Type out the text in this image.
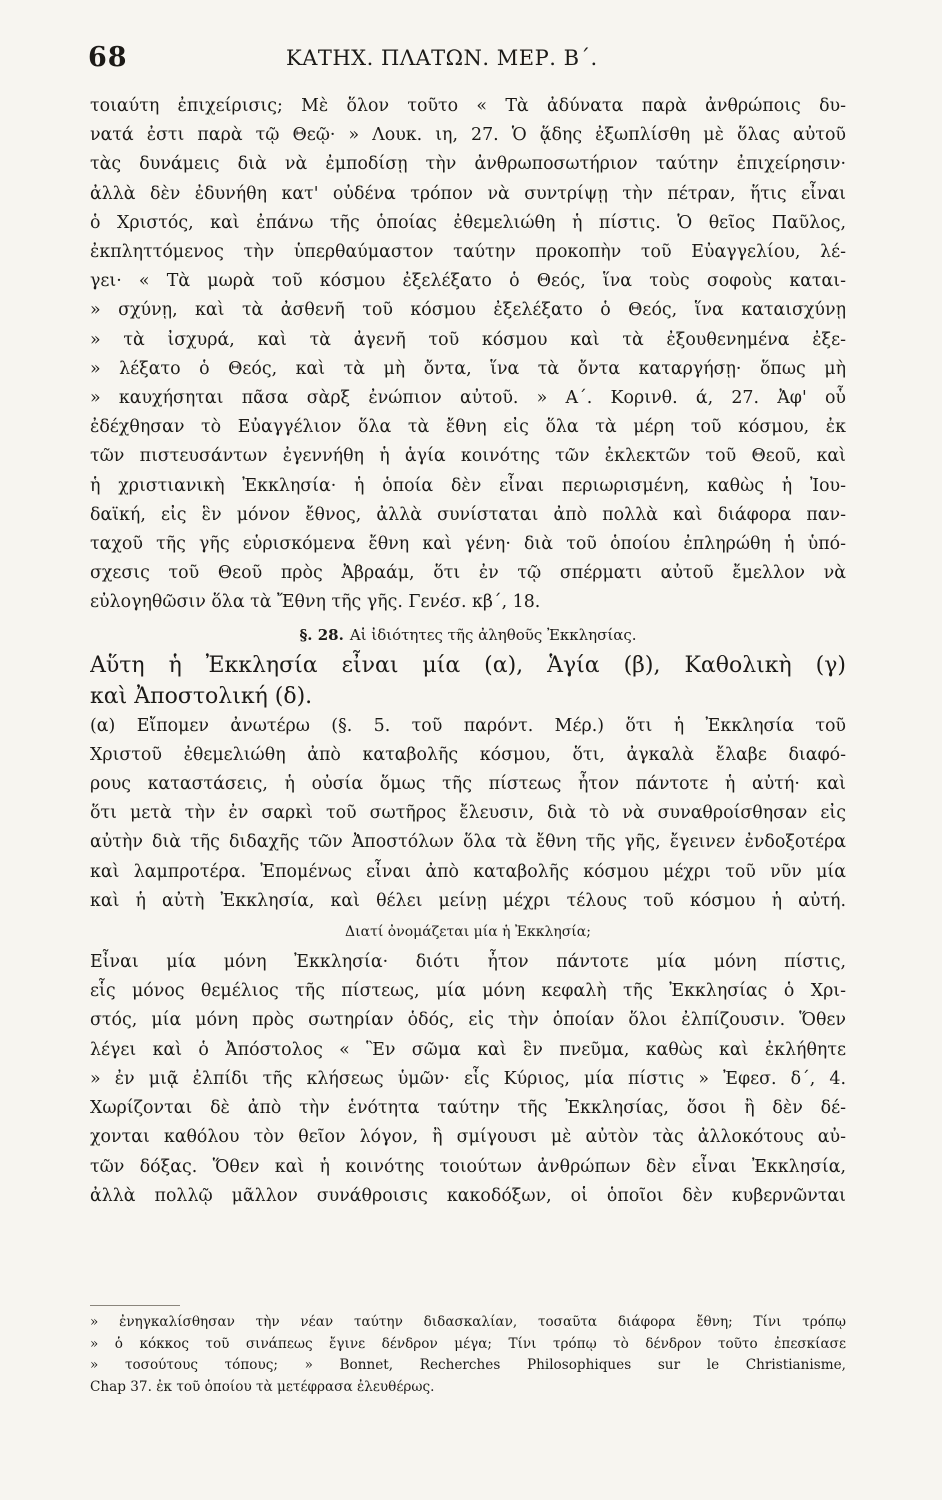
68	ΚΑΤΗΧ. ΠΛΑΤΩΝ. ΜΕΡ. Β΄.

τοιαύτη ἐπιχείρισις; Μὲ ὅλον τοῦτο « Τὰ ἀδύνατα παρὰ ἀνθρώποις δυ-
νατά ἐστι παρὰ τῷ Θεῷ· » Λουκ. ιη, 27. Ὁ ᾅδης ἐξωπλίσθη μὲ ὅλας αὐτοῦ
τὰς δυνάμεις διὰ νὰ ἐμποδίσῃ τὴν ἀνθρωποσωτήριον ταύτην ἐπιχείρησιν·
ἀλλὰ δὲν ἐδυνήθη κατ' οὐδένα τρόπον νὰ συντρίψῃ τὴν πέτραν, ἥτις εἶναι
ὁ Χριστός, καὶ ἐπάνω τῆς ὁποίας ἐθεμελιώθη ἡ πίστις. Ὁ θεῖος Παῦλος,
ἐκπληττόμενος τὴν ὑπερθαύμαστον ταύτην προκοπὴν τοῦ Εὐαγγελίου, λέ-
γει· « Τὰ μωρὰ τοῦ κόσμου ἐξελέξατο ὁ Θεός, ἵνα τοὺς σοφοὺς καται-
» σχύνῃ, καὶ τὰ ἀσθενῆ τοῦ κόσμου ἐξελέξατο ὁ Θεός, ἵνα καταισχύνῃ
» τὰ ἰσχυρά, καὶ τὰ ἀγενῆ τοῦ κόσμου καὶ τὰ ἐξουθενημένα ἐξε-
» λέξατο ὁ Θεός, καὶ τὰ μὴ ὄντα, ἵνα τὰ ὄντα καταργήσῃ· ὅπως μὴ
» καυχήσηται πᾶσα σὰρξ ἐνώπιον αὐτοῦ. » Α΄. Κορινθ. ά, 27. Ἀφ' οὗ
ἐδέχθησαν τὸ Εὐαγγέλιον ὅλα τὰ ἔθνη εἰς ὅλα τὰ μέρη τοῦ κόσμου, ἐκ
τῶν πιστευσάντων ἐγεννήθη ἡ ἁγία κοινότης τῶν ἐκλεκτῶν τοῦ Θεοῦ, καὶ
ἡ χριστιανικὴ Ἐκκλησία· ἡ ὁποία δὲν εἶναι περιωρισμένη, καθὼς ἡ Ἰου-
δαϊκή, εἰς ἓν μόνον ἔθνος, ἀλλὰ συνίσταται ἀπὸ πολλὰ καὶ διάφορα παν-
ταχοῦ τῆς γῆς εὑρισκόμενα ἔθνη καὶ γένη· διὰ τοῦ ὁποίου ἐπληρώθη ἡ ὑπό-
σχεσις τοῦ Θεοῦ πρὸς Ἀβραάμ, ὅτι ἐν τῷ σπέρματι αὐτοῦ ἔμελλον νὰ
εὐλογηθῶσιν ὅλα τὰ Ἔθνη τῆς γῆς. Γενέσ. κβ΄, 18.

§. 28. Αἱ ἰδιότητες τῆς ἀληθοῦς Ἐκκλησίας.

Αὕτη ἡ Ἐκκλησία εἶναι μία (α), Ἁγία (β), Καθολικὴ (γ)
καὶ Ἀποστολική (δ).

(α) Εἴπομεν ἀνωτέρω (§. 5. τοῦ παρόντ. Μέρ.) ὅτι ἡ Ἐκκλησία τοῦ
Χριστοῦ ἐθεμελιώθη ἀπὸ καταβολῆς κόσμου, ὅτι, ἀγκαλὰ ἔλαβε διαφό-
ρους καταστάσεις, ἡ οὐσία ὅμως τῆς πίστεως ἦτον πάντοτε ἡ αὐτή· καὶ
ὅτι μετὰ τὴν ἐν σαρκὶ τοῦ σωτῆρος ἔλευσιν, διὰ τὸ νὰ συναθροίσθησαν εἰς
αὐτὴν διὰ τῆς διδαχῆς τῶν Ἀποστόλων ὅλα τὰ ἔθνη τῆς γῆς, ἔγεινεν ἐνδοξοτέρα
καὶ λαμπροτέρα. Ἐπομένως εἶναι ἀπὸ καταβολῆς κόσμου μέχρι τοῦ νῦν μία
καὶ ἡ αὐτὴ Ἐκκλησία, καὶ θέλει μείνῃ μέχρι τέλους τοῦ κόσμου ἡ αὐτή.

Διατί ὀνομάζεται μία ἡ Ἐκκλησία;

Εἶναι μία μόνη Ἐκκλησία· διότι ἦτον πάντοτε μία μόνη πίστις,
εἷς μόνος θεμέλιος τῆς πίστεως, μία μόνη κεφαλὴ τῆς Ἐκκλησίας ὁ Χρι-
στός, μία μόνη πρὸς σωτηρίαν ὁδός, εἰς τὴν ὁποίαν ὅλοι ἐλπίζουσιν. Ὅθεν
λέγει καὶ ὁ Ἀπόστολος « Ἓν σῶμα καὶ ἓν πνεῦμα, καθὼς καὶ ἐκλήθητε
» ἐν μιᾷ ἐλπίδι τῆς κλήσεως ὑμῶν· εἷς Κύριος, μία πίστις » Ἐφεσ. δ΄, 4.
Χωρίζονται δὲ ἀπὸ τὴν ἑνότητα ταύτην τῆς Ἐκκλησίας, ὅσοι ἢ δὲν δέ-
χονται καθόλου τὸν θεῖον λόγον, ἢ σμίγουσι μὲ αὐτὸν τὰς ἀλλοκότους αὐ-
τῶν δόξας. Ὅθεν καὶ ἡ κοινότης τοιούτων ἀνθρώπων δὲν εἶναι Ἐκκλησία,
ἀλλὰ πολλῷ μᾶλλον συνάθροισις κακοδόξων, οἱ ὁποῖοι δὲν κυβερνῶνται

» ἐνηγκαλίσθησαν τὴν νέαν ταύτην διδασκαλίαν, τοσαῦτα διάφορα ἔθνη; Τίνι τρόπῳ
» ὁ κόκκος τοῦ σινάπεως ἔγινε δένδρον μέγα; Τίνι τρόπῳ τὸ δένδρον τοῦτο ἐπεσκίασε
» τοσούτους τόπους; » Bonnet, Recherches Philosophiques sur le Christianisme,
Chap 37. ἐκ τοῦ ὁποίου τὰ μετέφρασα ἐλευθέρως.
